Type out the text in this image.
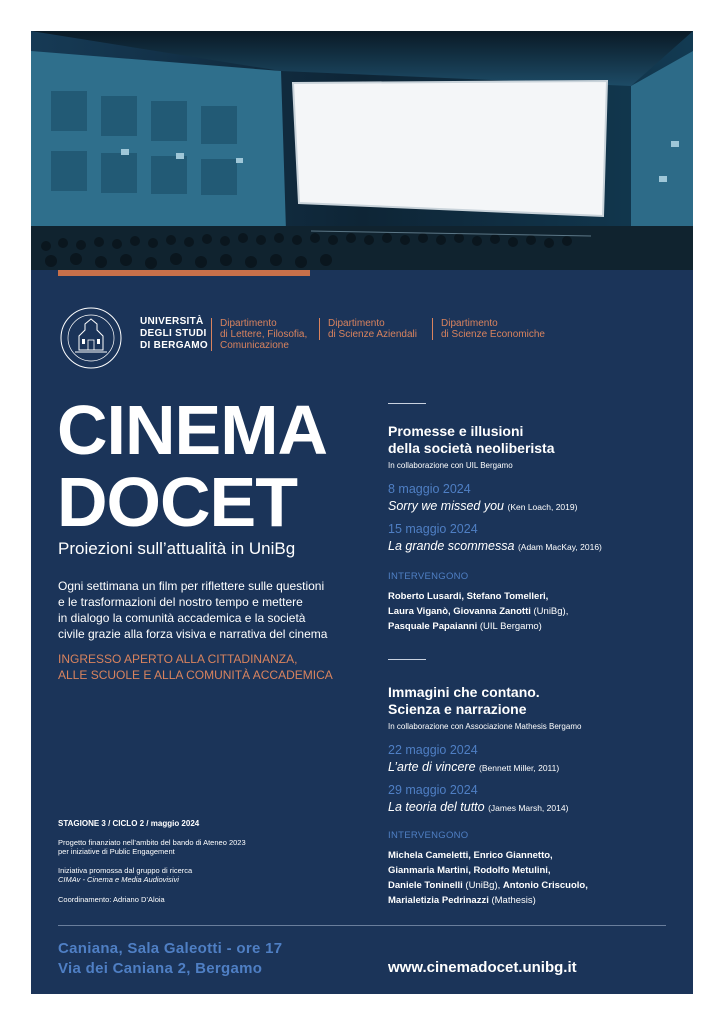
UNIVERSITÀ
DEGLI STUDI
DI BERGAMO
Dipartimento
di Lettere, Filosofia,
Comunicazione
Dipartimento
di Scienze Aziendali
Dipartimento
di Scienze Economiche
CINEMA
DOCET
Proiezioni sull’attualità in UniBg
Ogni settimana un film per riflettere sulle questioni
e le trasformazioni del nostro tempo e mettere
in dialogo la comunità accademica e la società
civile grazie alla forza visiva e narrativa del cinema
INGRESSO APERTO ALLA CITTADINANZA,
ALLE SCUOLE E ALLA COMUNITÀ ACCADEMICA
STAGIONE 3 / CICLO 2 / maggio 2024
Progetto finanziato nell’ambito del bando di Ateneo 2023
per iniziative di Public Engagement
Iniziativa promossa dal gruppo di ricerca
CIMAv - Cinema e Media Audiovisivi
Coordinamento: Adriano D’Aloia
Promesse e illusioni
della società neoliberista
In collaborazione con UIL Bergamo
8 maggio 2024
Sorry we missed you (Ken Loach, 2019)
15 maggio 2024
La grande scommessa (Adam MacKay, 2016)
INTERVENGONO
Roberto Lusardi, Stefano Tomelleri,
Laura Viganò, Giovanna Zanotti (UniBg),
Pasquale Papaianni (UIL Bergamo)
Immagini che contano.
Scienza e narrazione
In collaborazione con Associazione Mathesis Bergamo
22 maggio 2024
L’arte di vincere (Bennett Miller, 2011)
29 maggio 2024
La teoria del tutto (James Marsh, 2014)
INTERVENGONO
Michela Cameletti, Enrico Giannetto,
Gianmaria Martini, Rodolfo Metulini,
Daniele Toninelli (UniBg), Antonio Criscuolo,
Marialetizia Pedrinazzi (Mathesis)
Caniana, Sala Galeotti - ore 17
Via dei Caniana 2, Bergamo	www.cinemadocet.unibg.it
